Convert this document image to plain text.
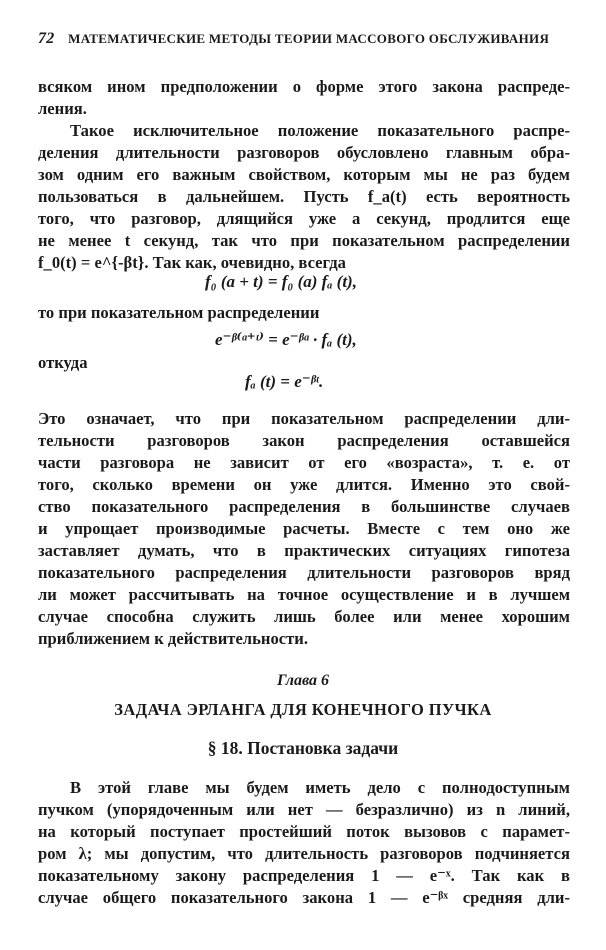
72 МАТЕМАТИЧЕСКИЕ МЕТОДЫ ТЕОРИИ МАССОВОГО ОБСЛУЖИВАНИЯ
всяком ином предположении о форме этого закона распреде-
ления.
Такое исключительное положение показательного распре-
деления длительности разговоров обусловлено главным обра-
зом одним его важным свойством, которым мы не раз будем
пользоваться в дальнейшем. Пусть f_a(t) есть вероятность
того, что разговор, длящийся уже a секунд, продлится еще
не менее t секунд, так что при показательном распределении
f_0(t) = e^{-βt}. Так как, очевидно, всегда
f₀ (a + t) = f₀ (a) fₐ (t),
то при показательном распределении
e⁻ᵝ⁽ᵃ⁺ᵗ⁾ = e⁻ᵝᵃ · fₐ (t),
откуда
fₐ (t) = e⁻ᵝᵗ.
Это означает, что при показательном распределении дли-
тельности разговоров закон распределения оставшейся
части разговора не зависит от его «возраста», т. е. от
того, сколько времени он уже длится. Именно это свой-
ство показательного распределения в большинстве случаев
и упрощает производимые расчеты. Вместе с тем оно же
заставляет думать, что в практических ситуациях гипотеза
показательного распределения длительности разговоров вряд
ли может рассчитывать на точное осуществление и в лучшем
случае способна служить лишь более или менее хорошим
приближением к действительности.
Глава 6
ЗАДАЧА ЭРЛАНГА ДЛЯ КОНЕЧНОГО ПУЧКА
§ 18. Постановка задачи
В этой главе мы будем иметь дело с полнодоступным
пучком (упорядоченным или нет — безразлично) из n линий,
на который поступает простейший поток вызовов с парамет-
ром λ; мы допустим, что длительность разговоров подчиняется
показательному закону распределения 1 — e⁻ˣ. Так как в
случае общего показательного закона 1 — e⁻ᵝˣ средняя дли-
